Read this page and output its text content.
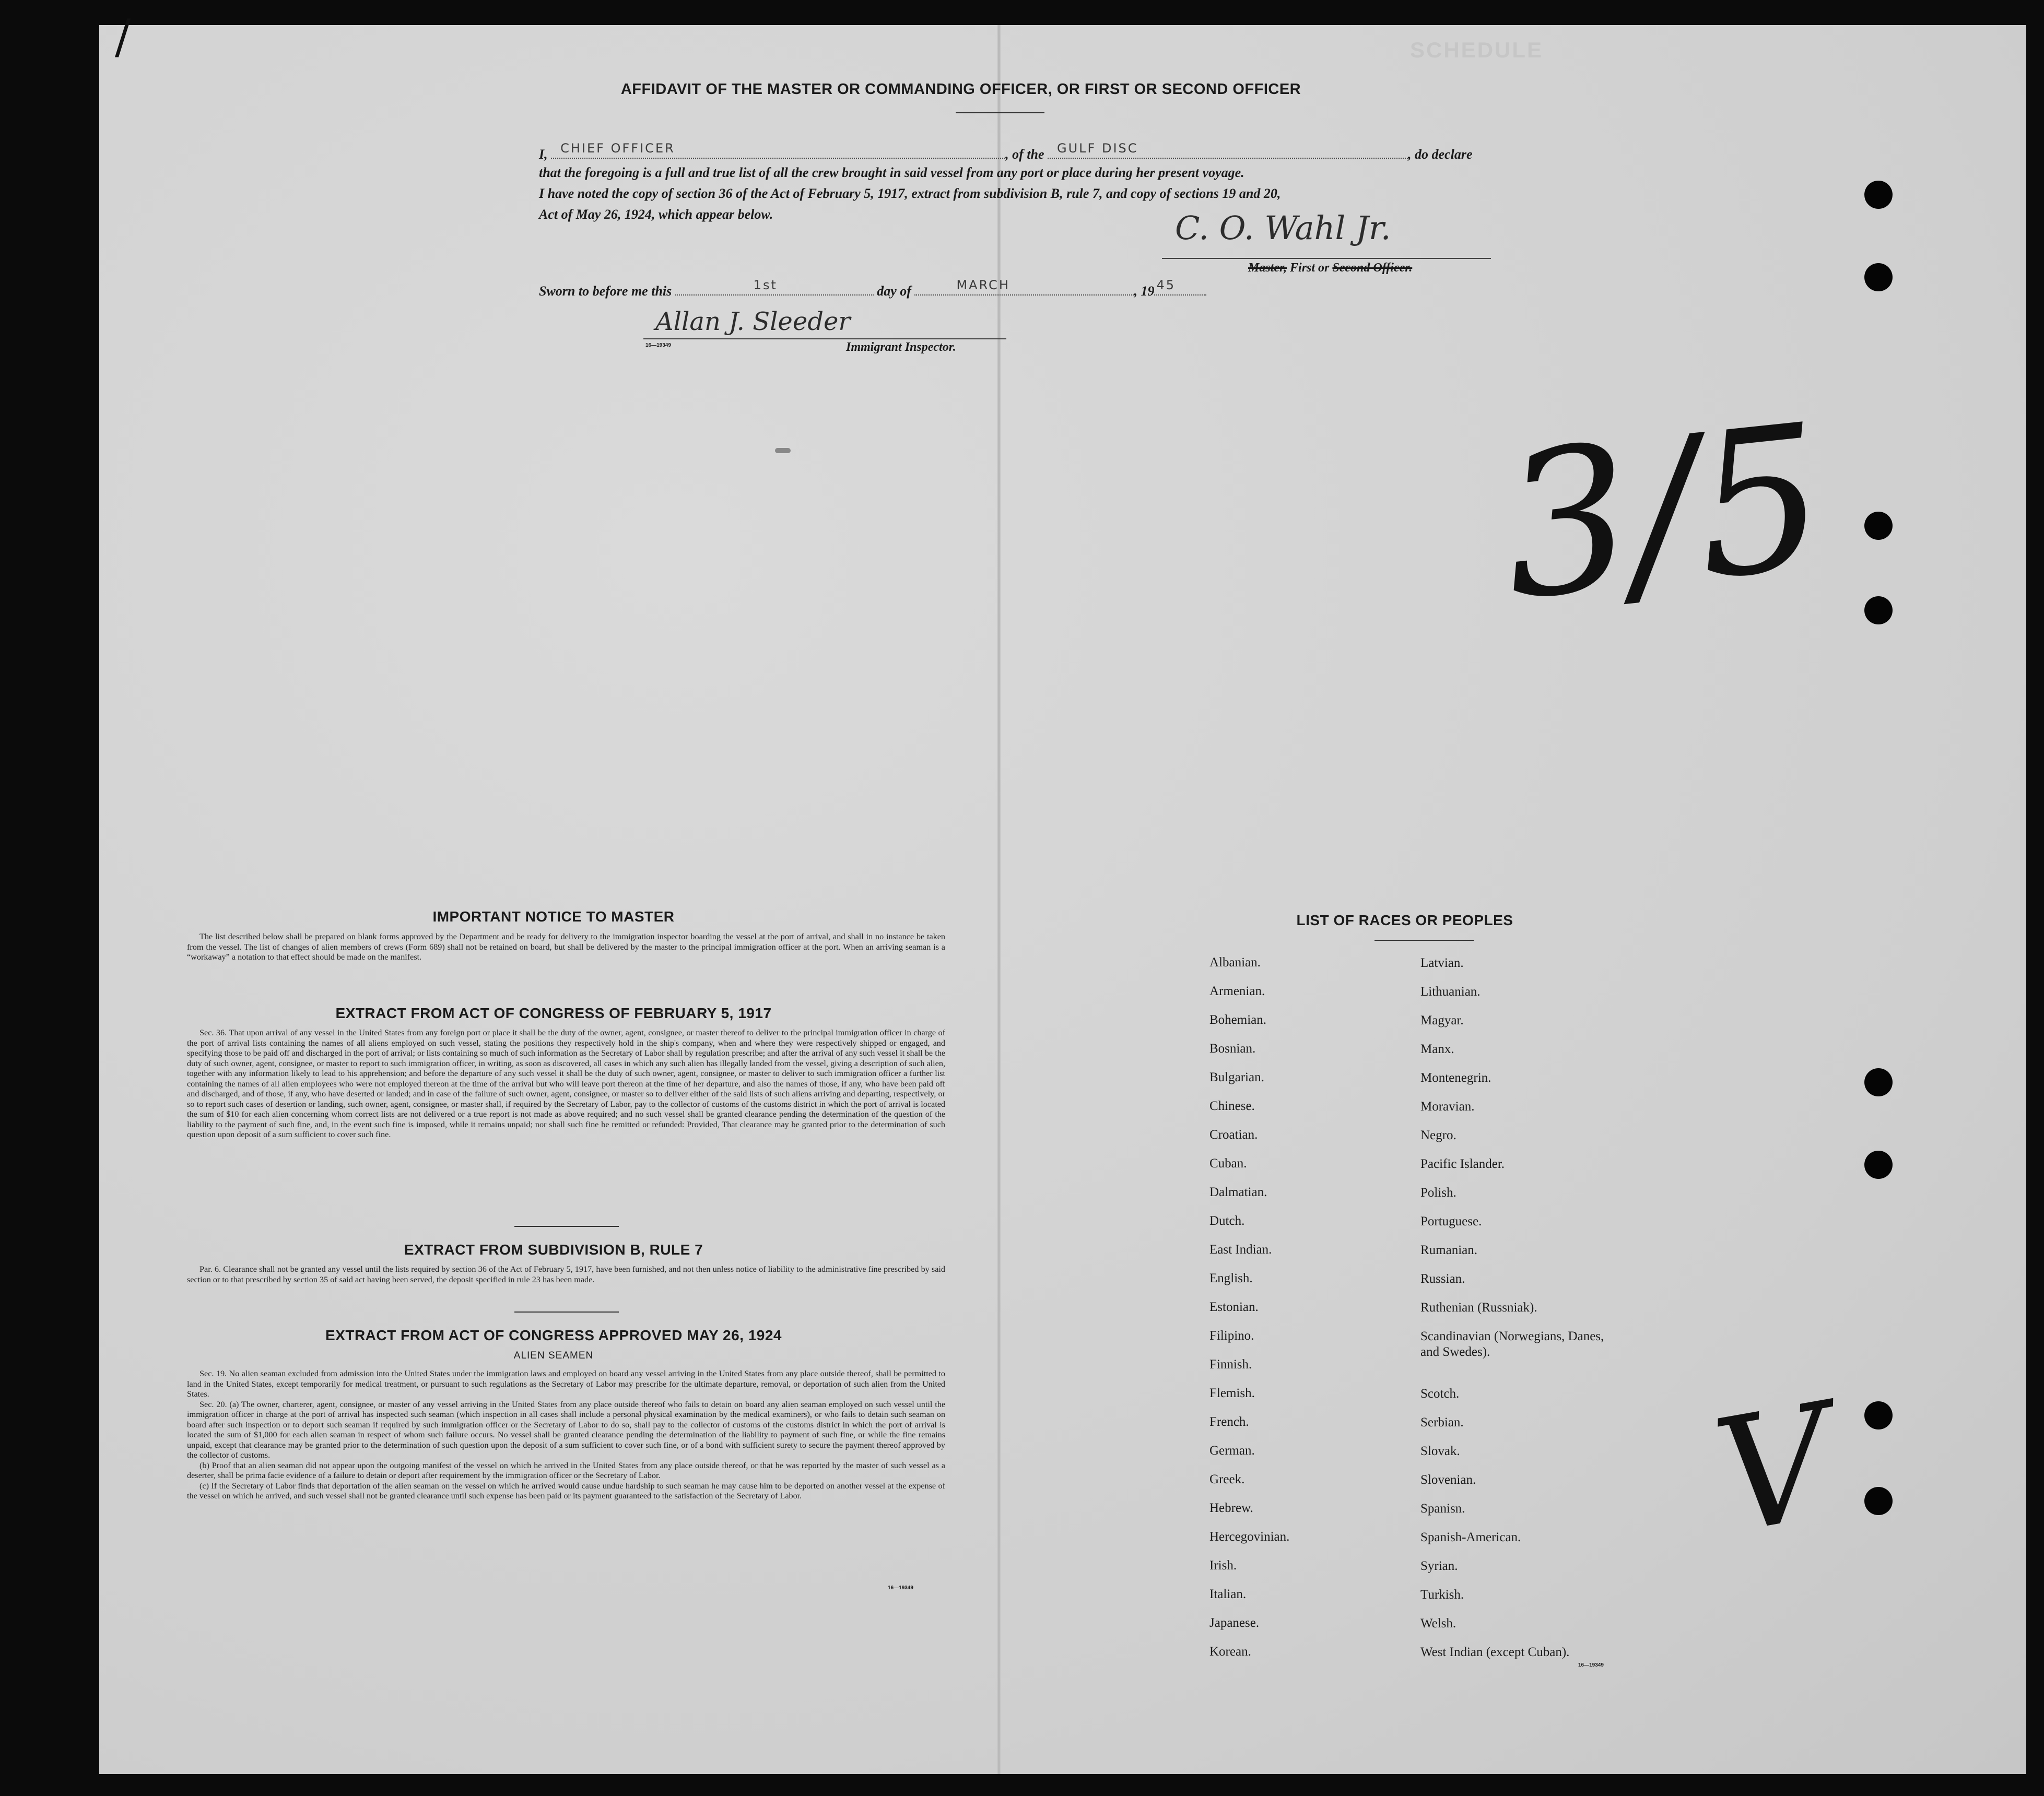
/	SCHEDULE
AFFIDAVIT OF THE MASTER OR COMMANDING OFFICER, OR FIRST OR SECOND OFFICER
I, CHIEF OFFICER	, of the GULF DISC	, do declare
that the foregoing is a full and true list of all the crew brought in said vessel from any port or place during her present voyage.
I have noted the copy of section 36 of the Act of February 5, 1917, extract from subdivision B, rule 7, and copy of sections 19 and 20,
Act of May 26, 1924, which appear below.	C. O. Wahl Jr.
Master, First or Second Officer.
Sworn to before me this	1st	day of	MARCH	, 19 45
Allan J. Sleeder
16—19349	Immigrant Inspector.
3/5
V
IMPORTANT NOTICE TO MASTER
The list described below shall be prepared on blank forms approved by the Department and be ready for delivery to the immigration inspector boarding the vessel at the port of arrival, and shall in no instance be taken from the vessel. The list of changes of alien members of crews (Form 689) shall not be retained on board, but shall be delivered by the master to the principal immigration officer at the port. When an arriving seaman is a “workaway” a notation to that effect should be made on the manifest.
EXTRACT FROM ACT OF CONGRESS OF FEBRUARY 5, 1917
Sec. 36. That upon arrival of any vessel in the United States from any foreign port or place it shall be the duty of the owner, agent, consignee, or master thereof to deliver to the principal immigration officer in charge of the port of arrival lists containing the names of all aliens employed on such vessel, stating the positions they respectively hold in the ship's company, when and where they were respectively shipped or engaged, and specifying those to be paid off and discharged in the port of arrival; or lists containing so much of such information as the Secretary of Labor shall by regulation prescribe; and after the arrival of any such vessel it shall be the duty of such owner, agent, consignee, or master to report to such immigration officer, in writing, as soon as discovered, all cases in which any such alien has illegally landed from the vessel, giving a description of such alien, together with any information likely to lead to his apprehension; and before the departure of any such vessel it shall be the duty of such owner, agent, consignee, or master to deliver to such immigration officer a further list containing the names of all alien employees who were not employed thereon at the time of the arrival but who will leave port thereon at the time of her departure, and also the names of those, if any, who have been paid off and discharged, and of those, if any, who have deserted or landed; and in case of the failure of such owner, agent, consignee, or master so to deliver either of the said lists of such aliens arriving and departing, respectively, or so to report such cases of desertion or landing, such owner, agent, consignee, or master shall, if required by the Secretary of Labor, pay to the collector of customs of the customs district in which the port of arrival is located the sum of $10 for each alien concerning whom correct lists are not delivered or a true report is not made as above required; and no such vessel shall be granted clearance pending the determination of the question of the liability to the payment of such fine, and, in the event such fine is imposed, while it remains unpaid; nor shall such fine be remitted or refunded: Provided, That clearance may be granted prior to the determination of such question upon deposit of a sum sufficient to cover such fine.
EXTRACT FROM SUBDIVISION B, RULE 7
Par. 6. Clearance shall not be granted any vessel until the lists required by section 36 of the Act of February 5, 1917, have been furnished, and not then unless notice of liability to the administrative fine prescribed by said section or to that prescribed by section 35 of said act having been served, the deposit specified in rule 23 has been made.
EXTRACT FROM ACT OF CONGRESS APPROVED MAY 26, 1924
ALIEN SEAMEN

Sec. 19. No alien seaman excluded from admission into the United States under the immigration laws and employed on board any vessel arriving in the United States from any place outside thereof, shall be permitted to land in the United States, except temporarily for medical treatment, or pursuant to such regulations as the Secretary of Labor may prescribe for the ultimate departure, removal, or deportation of such alien from the United States.

Sec. 20. (a) The owner, charterer, agent, consignee, or master of any vessel arriving in the United States from any place outside thereof who fails to detain on board any alien seaman employed on such vessel until the immigration officer in charge at the port of arrival has inspected such seaman (which inspection in all cases shall include a personal physical examination by the medical examiners), or who fails to detain such seaman on board after such inspection or to deport such seaman if required by such immigration officer or the Secretary of Labor to do so, shall pay to the collector of customs of the customs district in which the port of arrival is located the sum of $1,000 for each alien seaman in respect of whom such failure occurs. No vessel shall be granted clearance pending the determination of the liability to payment of such fine, or while the fine remains unpaid, except that clearance may be granted prior to the determination of such question upon the deposit of a sum sufficient to cover such fine, or of a bond with sufficient surety to secure the payment thereof approved by the collector of customs.

(b) Proof that an alien seaman did not appear upon the outgoing manifest of the vessel on which he arrived in the United States from any place outside thereof, or that he was reported by the master of such vessel as a deserter, shall be prima facie evidence of a failure to detain or deport after requirement by the immigration officer or the Secretary of Labor.

(c) If the Secretary of Labor finds that deportation of the alien seaman on the vessel on which he arrived would cause undue hardship to such seaman he may cause him to be deported on another vessel at the expense of the vessel on which he arrived, and such vessel shall not be granted clearance until such expense has been paid or its payment guaranteed to the satisfaction of the Secretary of Labor.

16—19349
LIST OF RACES OR PEOPLES
Albanian.
Armenian.
Bohemian.
Bosnian.
Bulgarian.
Chinese.
Croatian.
Cuban.
Dalmatian.
Dutch.
East Indian.
English.
Estonian.
Filipino.
Finnish.
Flemish.
French.
German.
Greek.
Hebrew.
Hercegovinian.
Irish.
Italian.
Japanese.
Korean.
Latvian.
Lithuanian.
Magyar.
Manx.
Montenegrin.
Moravian.
Negro.
Pacific Islander.
Polish.
Portuguese.
Rumanian.
Russian.
Ruthenian (Russniak).
Scandinavian (Norwegians, Danes, and Swedes).
Scotch.
Serbian.
Slovak.
Slovenian.
Spanisn.
Spanish-American.
Syrian.
Turkish.
Welsh.
West Indian (except Cuban).
16—19349
